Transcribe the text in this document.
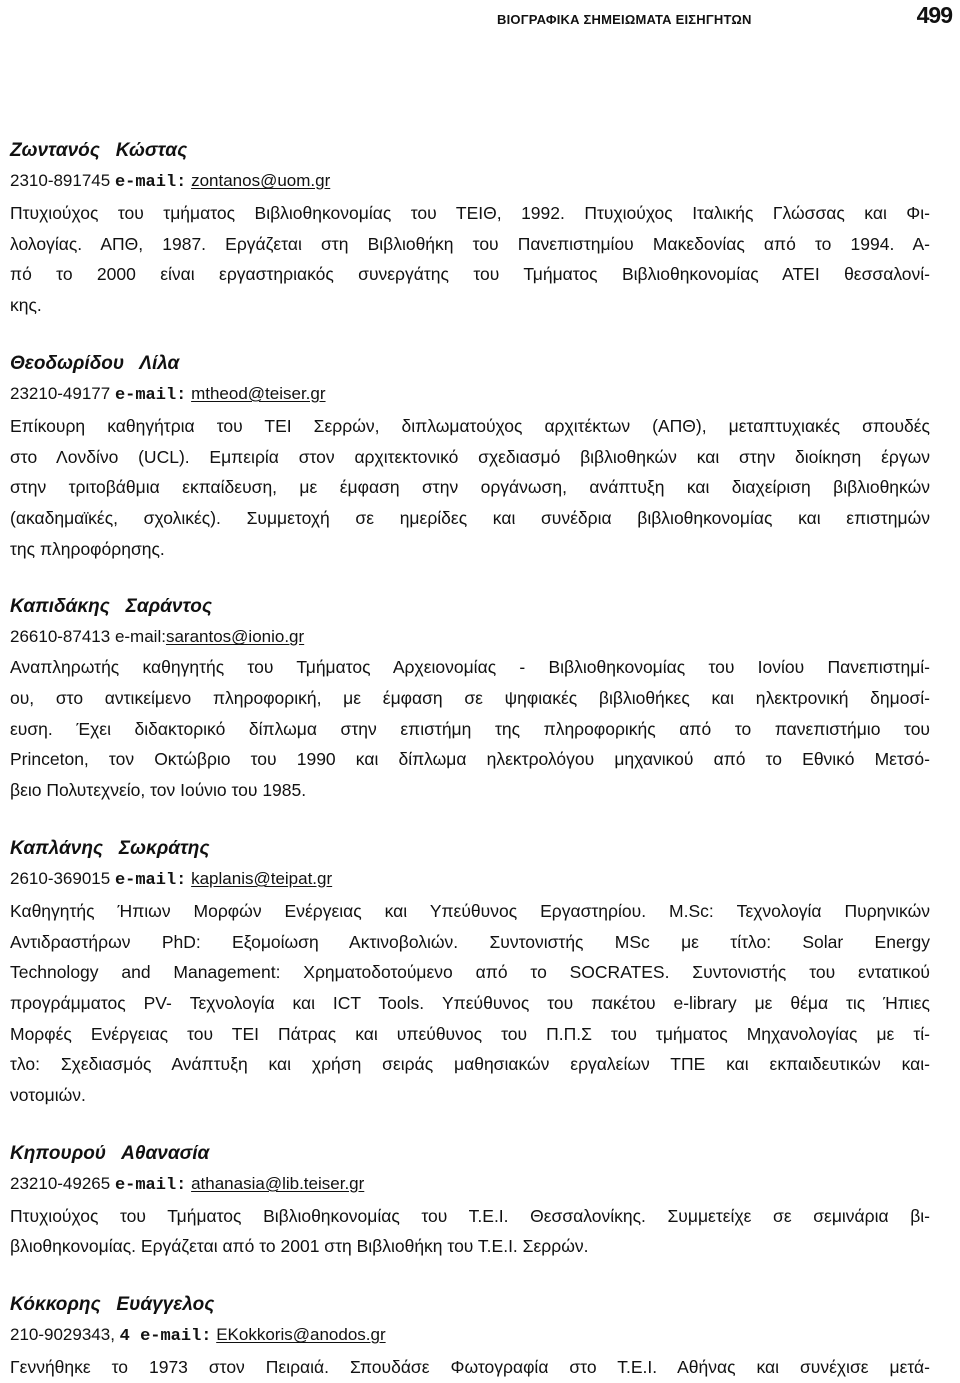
ΒΙΟΓΡΑΦΙΚΑ ΣΗΜΕΙΩΜΑΤΑ ΕΙΣΗΓΗΤΩΝ	499
Ζωντανός   Κώστας
2310-891745 e-mail: zontanos@uom.gr

Πτυχιούχος του τμήματος Βιβλιοθηκονομίας του ΤΕΙΘ, 1992. Πτυχιούχος Ιταλικής Γλώσσας και Φι-
λολογίας. ΑΠΘ, 1987. Εργάζεται στη Βιβλιοθήκη του Πανεπιστημίου Μακεδονίας από το 1994. Α-
πό το 2000 είναι εργαστηριακός συνεργάτης του Τμήματος Βιβλιοθηκονομίας ΑΤΕΙ θεσσαλονί-
κης.

Θεοδωρίδου   Λίλα
23210-49177 e-mail: mtheod@teiser.gr

Επίκουρη καθηγήτρια του ΤΕΙ Σερρών, διπλωματούχος αρχιτέκτων (ΑΠΘ), μεταπτυχιακές σπουδές
στο Λονδίνο (UCL). Εμπειρία στον αρχιτεκτονικό σχεδιασμό βιβλιοθηκών και στην διοίκηση έργων
στην τριτοβάθμια εκπαίδευση, με έμφαση στην οργάνωση, ανάπτυξη και διαχείριση βιβλιοθηκών
(ακαδημαϊκές, σχολικές). Συμμετοχή σε ημερίδες και συνέδρια βιβλιοθηκονομίας και επιστημών
της πληροφόρησης.

Καπιδάκης   Σαράντος
26610-87413 e-mail:sarantos@ionio.gr

Αναπληρωτής καθηγητής του Τμήματος Αρχειονομίας - Βιβλιοθηκονομίας του Ιονίου Πανεπιστημί-
ου, στο αντικείμενο πληροφορική, με έμφαση σε ψηφιακές βιβλιοθήκες και ηλεκτρονική δημοσί-
ευση. Έχει διδακτορικό δίπλωμα στην επιστήμη της πληροφορικής από το πανεπιστήμιο του
Princeton, τον Οκτώβριο του 1990 και δίπλωμα ηλεκτρολόγου μηχανικού από το Εθνικό Μετσό-
βειο Πολυτεχνείο, τον Ιούνιο του 1985.

Καπλάνης   Σωκράτης
2610-369015 e-mail: kaplanis@teipat.gr

Καθηγητής Ήπιων Μορφών Ενέργειας και Υπεύθυνος Εργαστηρίου. M.Sc: Τεχνολογία Πυρηνικών
Αντιδραστήρων PhD: Εξομοίωση Ακτινοβολιών. Συντονιστής MSc με τίτλο: Solar Energy
Technology and Management: Χρηματοδοτούμενο από το SOCRATES. Συντονιστής του εντατικού
προγράμματος PV- Τεχνολογία και ICT Tools. Υπεύθυνος του πακέτου e-library με θέμα τις Ήπιες
Μορφές Ενέργειας του ΤΕΙ Πάτρας και υπεύθυνος του Π.Π.Σ του τμήματος Μηχανολογίας με τί-
τλο: Σχεδιασμός Ανάπτυξη και χρήση σειράς μαθησιακών εργαλείων ΤΠΕ και εκπαιδευτικών και-
νοτομιών.

Κηπουρού   Αθανασία
23210-49265 e-mail: athanasia@lib.teiser.gr

Πτυχιούχος του Τμήματος Βιβλιοθηκονομίας του Τ.Ε.Ι. Θεσσαλονίκης. Συμμετείχε σε σεμινάρια βι-
βλιοθηκονομίας. Εργάζεται από το 2001 στη Βιβλιοθήκη του Τ.Ε.Ι. Σερρών.

Κόκκορης   Ευάγγελος
210-9029343, 4 e-mail: EKokkoris@anodos.gr

Γεννήθηκε το 1973 στον Πειραιά. Σπουδάσε Φωτογραφία στο Τ.Ε.Ι. Αθήνας και συνέχισε μετά-
